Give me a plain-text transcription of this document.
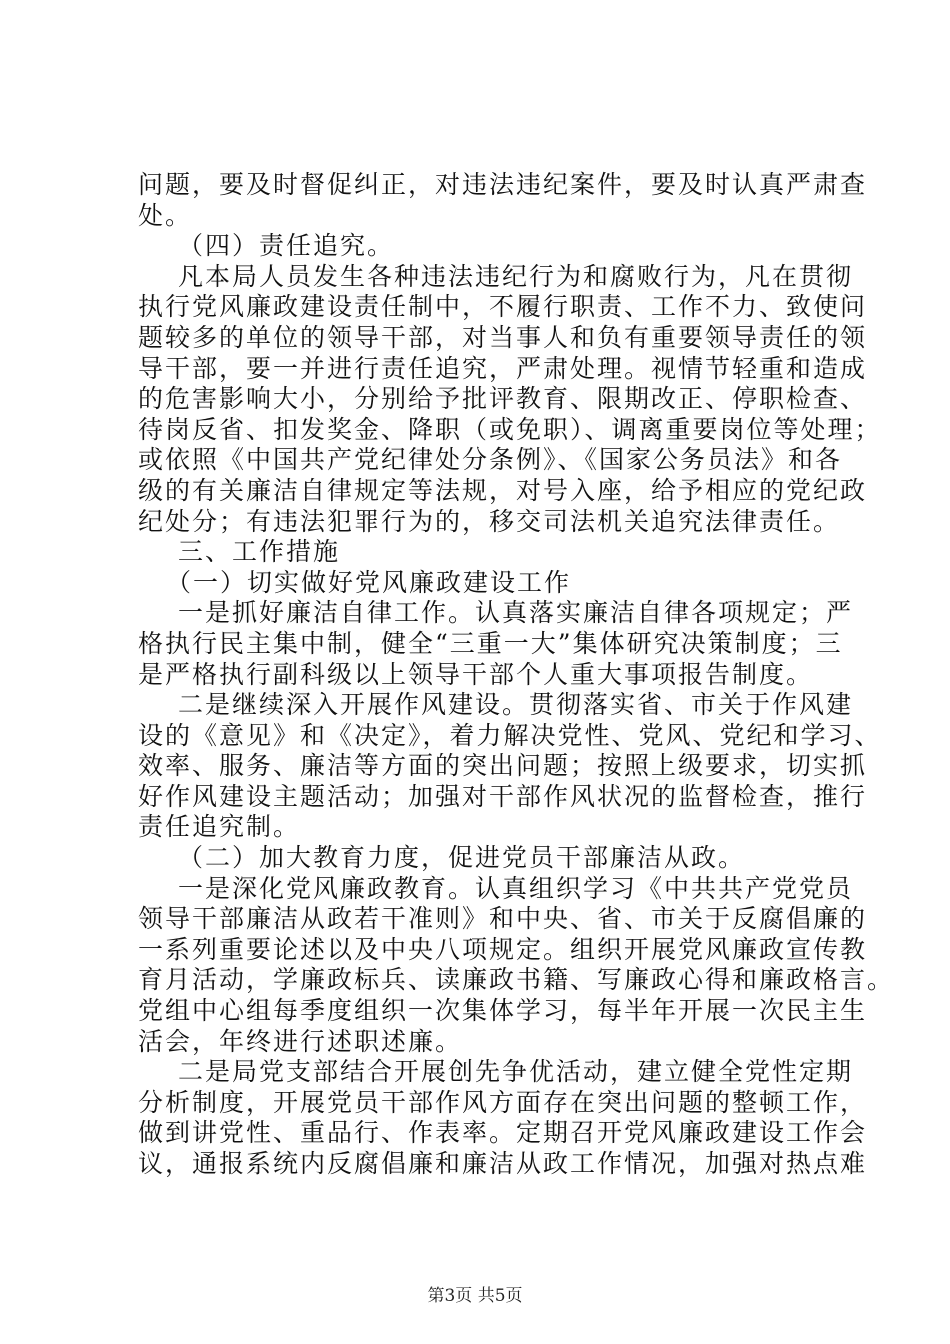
问题，要及时督促纠正，对违法违纪案件，要及时认真严肃查
处。
（四）责任追究。
凡本局人员发生各种违法违纪行为和腐败行为，凡在贯彻
执行党风廉政建设责任制中，不履行职责、工作不力、致使问
题较多的单位的领导干部，对当事人和负有重要领导责任的领
导干部，要一并进行责任追究，严肃处理。视情节轻重和造成
的危害影响大小，分别给予批评教育、限期改正、停职检查、
待岗反省、扣发奖金、降职（或免职）、调离重要岗位等处理；
或依照《中国共产党纪律处分条例》、《国家公务员法》和各
级的有关廉洁自律规定等法规，对号入座，给予相应的党纪政
纪处分；有违法犯罪行为的，移交司法机关追究法律责任。
三、工作措施
（一）切实做好党风廉政建设工作
一是抓好廉洁自律工作。认真落实廉洁自律各项规定；严
格执行民主集中制，健全“三重一大”集体研究决策制度；三
是严格执行副科级以上领导干部个人重大事项报告制度。
二是继续深入开展作风建设。贯彻落实省、市关于作风建
设的《意见》和《决定》，着力解决党性、党风、党纪和学习、
效率、服务、廉洁等方面的突出问题；按照上级要求，切实抓
好作风建设主题活动；加强对干部作风状况的监督检查，推行
责任追究制。
（二）加大教育力度，促进党员干部廉洁从政。
一是深化党风廉政教育。认真组织学习《中共共产党党员
领导干部廉洁从政若干准则》和中央、省、市关于反腐倡廉的
一系列重要论述以及中央八项规定。组织开展党风廉政宣传教
育月活动，学廉政标兵、读廉政书籍、写廉政心得和廉政格言。
党组中心组每季度组织一次集体学习，每半年开展一次民主生
活会，年终进行述职述廉。
二是局党支部结合开展创先争优活动，建立健全党性定期
分析制度，开展党员干部作风方面存在突出问题的整顿工作，
做到讲党性、重品行、作表率。定期召开党风廉政建设工作会
议，通报系统内反腐倡廉和廉洁从政工作情况，加强对热点难
第3页 共5页
